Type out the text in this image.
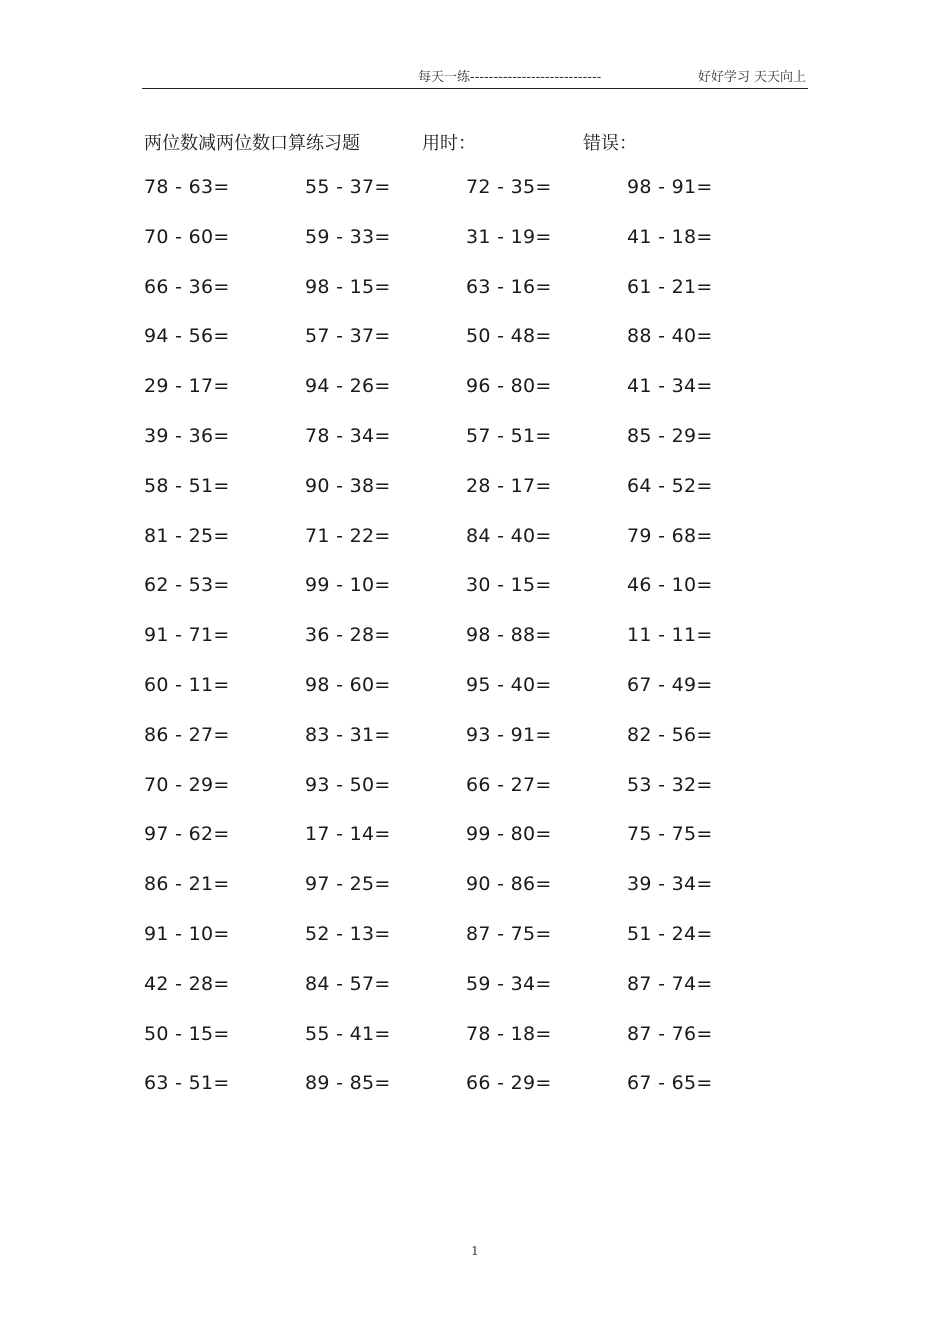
每天一练----------------------------	好好学习 天天向上
两位数减两位数口算练习题	用时：	错误：
78 - 63=	55 - 37=	72 - 35=	98 - 91=
70 - 60=	59 - 33=	31 - 19=	41 - 18=
66 - 36=	98 - 15=	63 - 16=	61 - 21=
94 - 56=	57 - 37=	50 - 48=	88 - 40=
29 - 17=	94 - 26=	96 - 80=	41 - 34=
39 - 36=	78 - 34=	57 - 51=	85 - 29=
58 - 51=	90 - 38=	28 - 17=	64 - 52=
81 - 25=	71 - 22=	84 - 40=	79 - 68=
62 - 53=	99 - 10=	30 - 15=	46 - 10=
91 - 71=	36 - 28=	98 - 88=	11 - 11=
60 - 11=	98 - 60=	95 - 40=	67 - 49=
86 - 27=	83 - 31=	93 - 91=	82 - 56=
70 - 29=	93 - 50=	66 - 27=	53 - 32=
97 - 62=	17 - 14=	99 - 80=	75 - 75=
86 - 21=	97 - 25=	90 - 86=	39 - 34=
91 - 10=	52 - 13=	87 - 75=	51 - 24=
42 - 28=	84 - 57=	59 - 34=	87 - 74=
50 - 15=	55 - 41=	78 - 18=	87 - 76=
63 - 51=	89 - 85=	66 - 29=	67 - 65=
1
